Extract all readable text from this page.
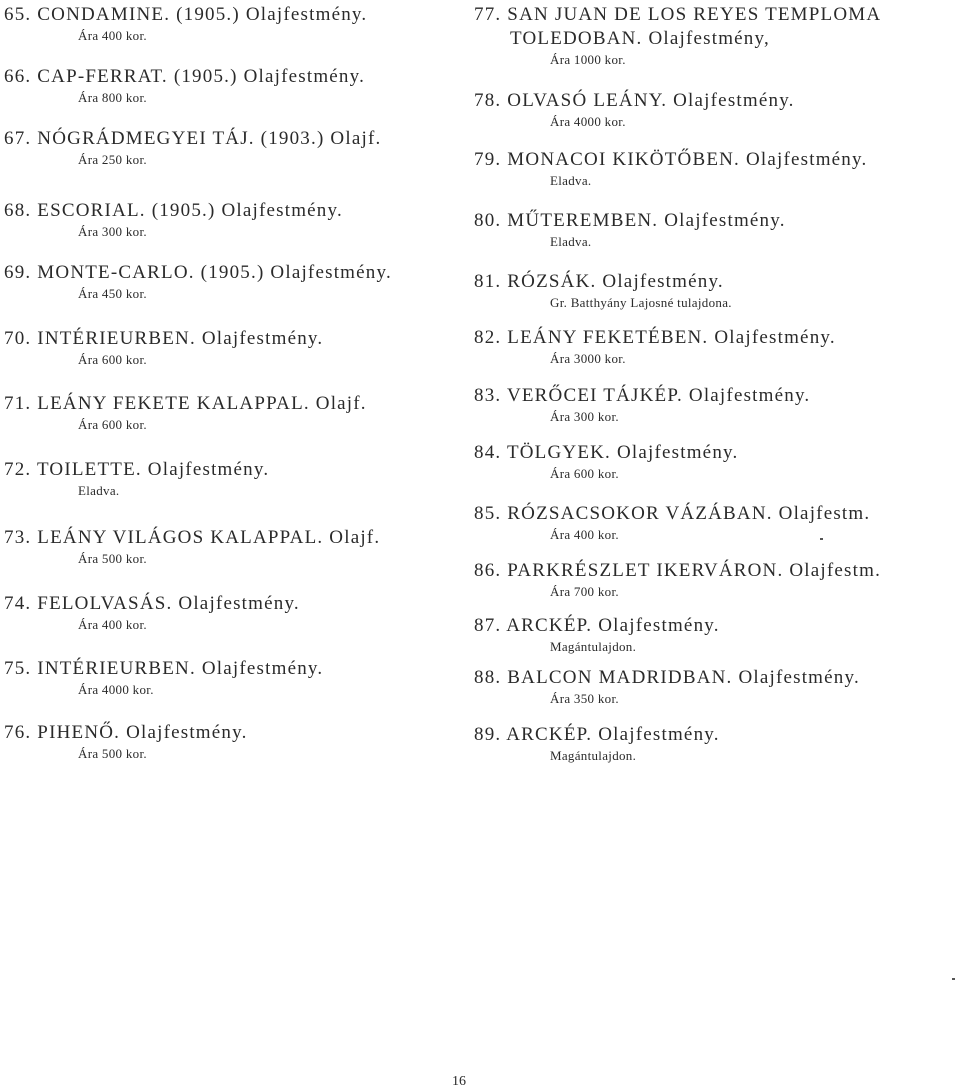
65. CONDAMINE. (1905.) Olajfestmény.
Ára 400 kor.
66. CAP-FERRAT. (1905.) Olajfestmény.
Ára 800 kor.
67. NÓGRÁDMEGYEI TÁJ. (1903.) Olajf.
Ára 250 kor.
68. ESCORIAL. (1905.) Olajfestmény.
Ára 300 kor.
69. MONTE-CARLO. (1905.) Olajfestmény.
Ára 450 kor.
70. INTÉRIEURBEN. Olajfestmény.
Ára 600 kor.
71. LEÁNY FEKETE KALAPPAL. Olajf.
Ára 600 kor.
72. TOILETTE. Olajfestmény.
Eladva.
73. LEÁNY VILÁGOS KALAPPAL. Olajf.
Ára 500 kor.
74. FELOLVASÁS. Olajfestmény.
Ára 400 kor.
75. INTÉRIEURBEN. Olajfestmény.
Ára 4000 kor.
76. PIHENŐ. Olajfestmény.
Ára 500 kor.
77. SAN JUAN DE LOS REYES TEMPLOMA
TOLEDOBAN. Olajfestmény,
Ára 1000 kor.
78. OLVASÓ LEÁNY. Olajfestmény.
Ára 4000 kor.
79. MONACOI KIKÖTŐBEN. Olajfestmény.
Eladva.
80. MŰTEREMBEN. Olajfestmény.
Eladva.
81. RÓZSÁK. Olajfestmény.
Gr. Batthyány Lajosné tulajdona.
82. LEÁNY FEKETÉBEN. Olajfestmény.
Ára 3000 kor.
83. VERŐCEI TÁJKÉP. Olajfestmény.
Ára 300 kor.
84. TÖLGYEK. Olajfestmény.
Ára 600 kor.
85. RÓZSACSOKOR VÁZÁBAN. Olajfestm.
Ára 400 kor.
86. PARKRÉSZLET IKERVÁRON. Olajfestm.
Ára 700 kor.
87. ARCKÉP. Olajfestmény.
Magántulajdon.
88. BALCON MADRIDBAN. Olajfestmény.
Ára 350 kor.
89. ARCKÉP. Olajfestmény.
Magántulajdon.
16
